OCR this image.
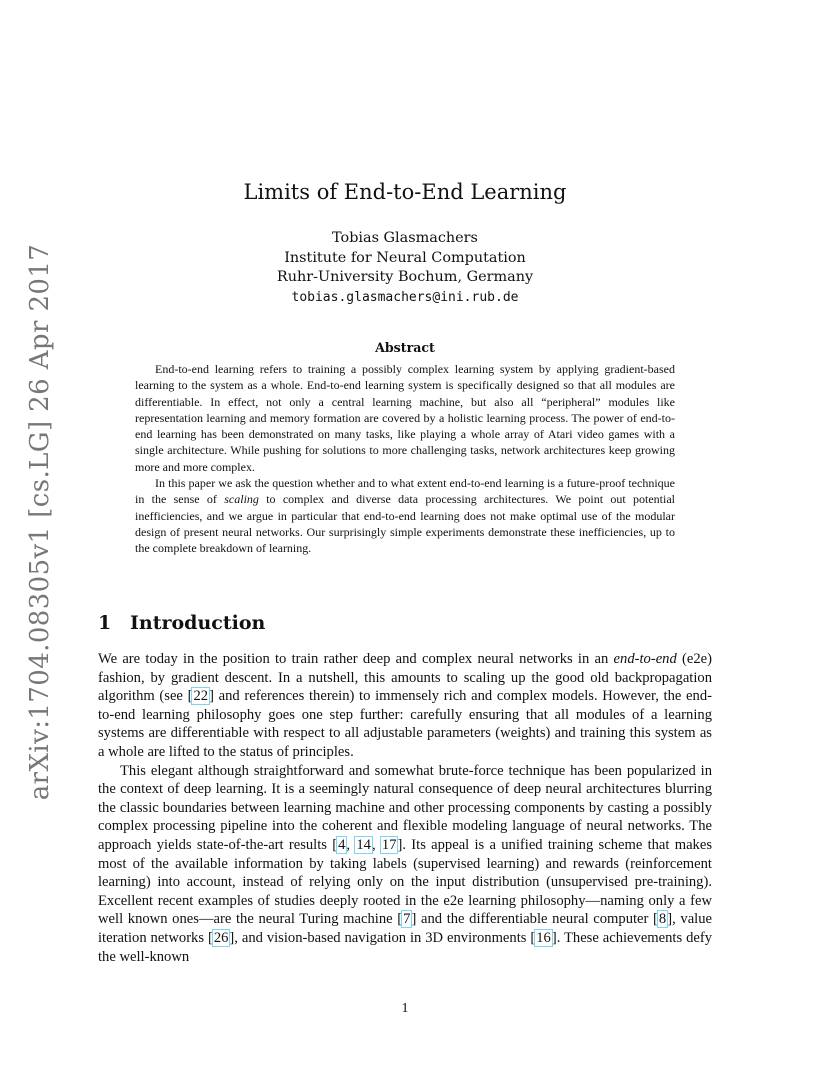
arXiv:1704.08305v1 [cs.LG] 26 Apr 2017
Limits of End-to-End Learning
Tobias Glasmachers
Institute for Neural Computation
Ruhr-University Bochum, Germany
tobias.glasmachers@ini.rub.de
Abstract

End-to-end learning refers to training a possibly complex learning system by applying gradient-based learning to the system as a whole. End-to-end learning system is specifically designed so that all modules are differentiable. In effect, not only a central learning machine, but also all “peripheral” modules like representation learning and memory formation are covered by a holistic learning process. The power of end-to-end learning has been demonstrated on many tasks, like playing a whole array of Atari video games with a single architecture. While pushing for solutions to more challenging tasks, network architectures keep growing more and more complex.

In this paper we ask the question whether and to what extent end-to-end learning is a future-proof technique in the sense of scaling to complex and diverse data processing architectures. We point out potential inefficiencies, and we argue in particular that end-to-end learning does not make optimal use of the modular design of present neural networks. Our surprisingly simple experiments demonstrate these inefficiencies, up to the complete breakdown of learning.

1 Introduction

We are today in the position to train rather deep and complex neural networks in an end-to-end (e2e) fashion, by gradient descent. In a nutshell, this amounts to scaling up the good old backpropagation algorithm (see [22] and references therein) to immensely rich and complex models. However, the end-to-end learning philosophy goes one step further: carefully ensuring that all modules of a learning systems are differentiable with respect to all adjustable parameters (weights) and training this system as a whole are lifted to the status of principles.

This elegant although straightforward and somewhat brute-force technique has been popularized in the context of deep learning. It is a seemingly natural consequence of deep neural architectures blurring the classic boundaries between learning machine and other processing components by casting a possibly complex processing pipeline into the coherent and flexible modeling language of neural networks. The approach yields state-of-the-art results [4, 14, 17]. Its appeal is a unified training scheme that makes most of the available information by taking labels (supervised learning) and rewards (reinforcement learning) into account, instead of relying only on the input distribution (unsupervised pre-training). Excellent recent examples of studies deeply rooted in the e2e learning philosophy—naming only a few well known ones—are the neural Turing machine [7] and the differentiable neural computer [8], value iteration networks [26], and vision-based navigation in 3D environments [16]. These achievements defy the well-known

1
